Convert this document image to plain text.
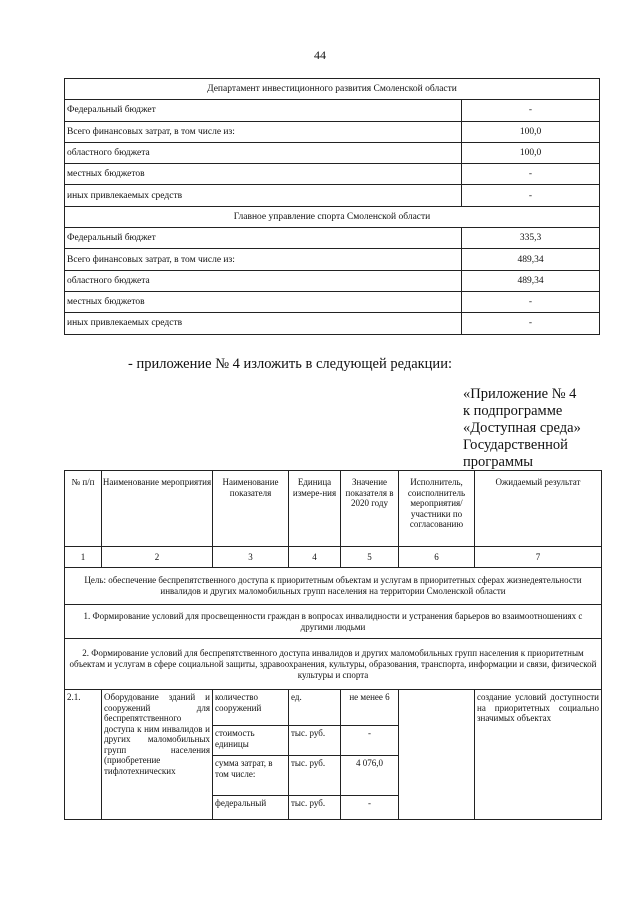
44
Департамент инвестиционного развития Смоленской области	
Федеральный бюджет	-
Всего финансовых затрат, в том числе из:	100,0
областного бюджета	100,0
местных бюджетов	-
иных привлекаемых средств	-
Главное управление спорта Смоленской области	
Федеральный бюджет	335,3
Всего финансовых затрат, в том числе из:	489,34
областного бюджета	489,34
местных бюджетов	-
иных привлекаемых средств	-
- приложение № 4 изложить в следующей редакции:
«Приложение № 4
к подпрограмме
«Доступная среда»
Государственной
программы
№ п/п	Наименование мероприятия	Наименование показателя	Единица измере-ния	Значение показателя в 2020 году	Исполнитель, соисполнитель мероприятия/ участники по согласованию	Ожидаемый результат
1	2	3	4	5	6	7
Цель: обеспечение беспрепятственного доступа к приоритетным объектам и услугам в приоритетных сферах жизнедеятельности инвалидов и других маломобильных групп населения на территории Смоленской области						
1. Формирование условий для просвещенности граждан в вопросах инвалидности и устранения барьеров во взаимоотношениях с другими людьми						
2. Формирование условий для беспрепятственного доступа инвалидов и других маломобильных групп населения к приоритетным объектам и услугам в сфере социальной защиты, здравоохранения, культуры, образования, транспорта, информации и связи, физической культуры и спорта						
2.1.	Оборудование зданий и сооружений для беспрепятственного доступа к ним инвалидов и других маломобильных групп населения (приобретение тифлотехнических	количество сооружений	ед.	не менее 6		создание условий доступности на приоритетных социально значимых объектах
		стоимость единицы	тыс. руб.	-		
		сумма затрат, в том числе:	тыс. руб.	4 076,0		
		федеральный	тыс. руб.	-		
